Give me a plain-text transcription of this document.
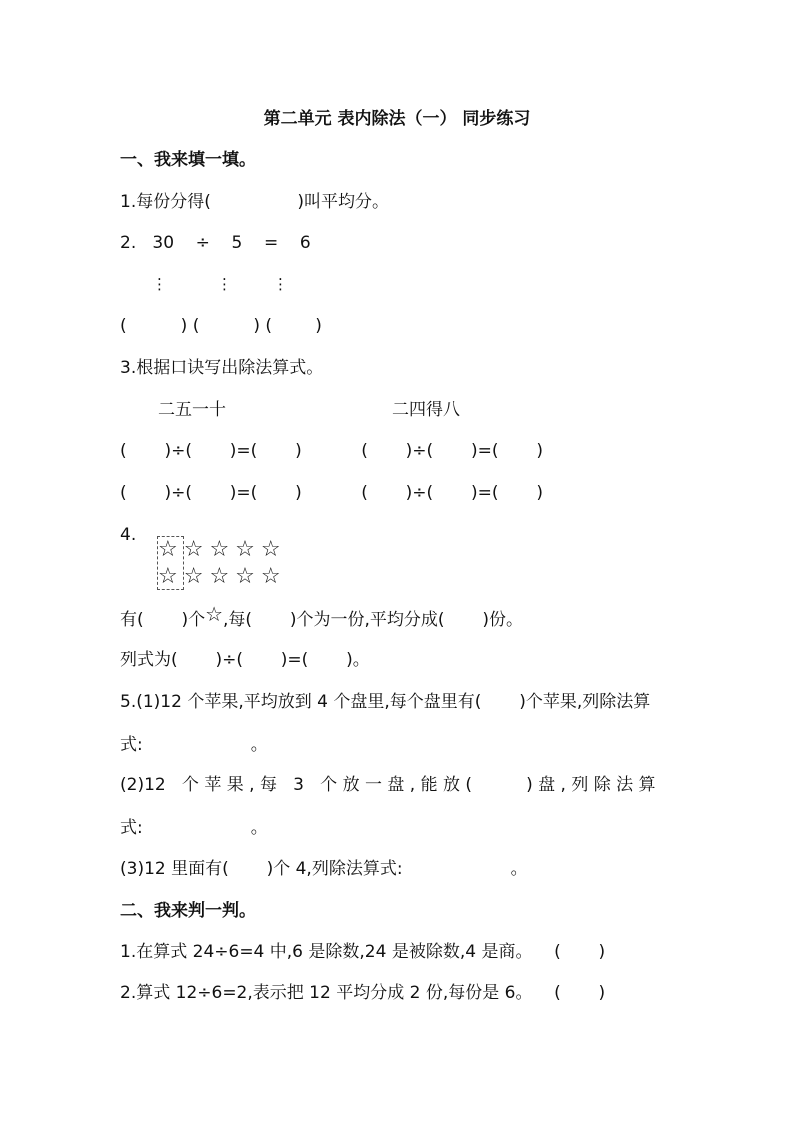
第二单元 表内除法（一） 同步练习
一、我来填一填。
1.每份分得(                )叫平均分。
2.   30    ÷    5    =    6
⋮	⋮	⋮
(          ) (          ) (        )
3.根据口诀写出除法算式。
二五一十	二四得八
(       )÷(       )=(       )           (       )÷(       )=(       )
(       )÷(       )=(       )           (       )÷(       )=(       )
4.
☆☆☆☆☆
☆☆☆☆☆
有(       )个☆,每(       )个为一份,平均分成(       )份。
列式为(       )÷(       )=(       )。
5.(1)12 个苹果,平均放到 4 个盘里,每个盘里有(       )个苹果,列除法算
式:                    。
(2)12   个 苹 果 , 每   3   个 放 一 盘 , 能 放 (          ) 盘 , 列 除 法 算
式:                    。
(3)12 里面有(       )个 4,列除法算式:                    。
二、我来判一判。
1.在算式 24÷6=4 中,6 是除数,24 是被除数,4 是商。    (       )
2.算式 12÷6=2,表示把 12 平均分成 2 份,每份是 6。    (       )
